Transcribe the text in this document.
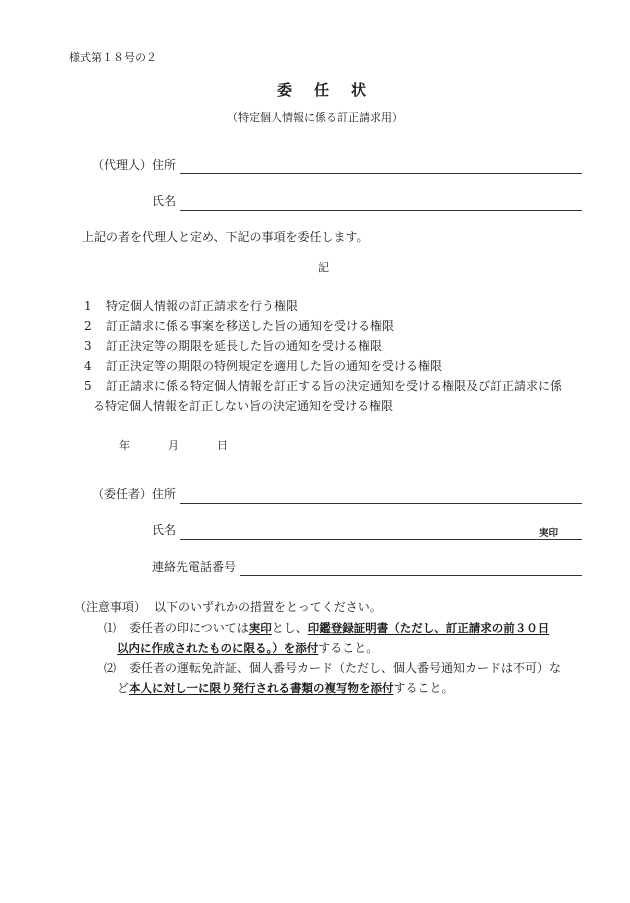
様式第１８号の２
委任状
（特定個人情報に係る訂正請求用）
（代理人） 住所
氏名
上記の者を代理人と定め、下記の事項を委任します。
記
1 特定個人情報の訂正請求を行う権限
2 訂正請求に係る事案を移送した旨の通知を受ける権限
3 訂正決定等の期限を延長した旨の通知を受ける権限
4 訂正決定等の期限の特例規定を適用した旨の通知を受ける権限
5 訂正請求に係る特定個人情報を訂正する旨の決定通知を受ける権限及び訂正請求に係
る特定個人情報を訂正しない旨の決定通知を受ける権限
年	月	日
（委任者） 住所
氏名	実印
連絡先電話番号
（注意事項） 以下のいずれかの措置をとってください。
⑴ 委任者の印については実印とし、印鑑登録証明書（ただし、訂正請求の前３０日
以内に作成されたものに限る。）を添付すること。
⑵ 委任者の運転免許証、個人番号カード（ただし、個人番号通知カードは不可）な
ど本人に対し一に限り発行される書類の複写物を添付すること。
